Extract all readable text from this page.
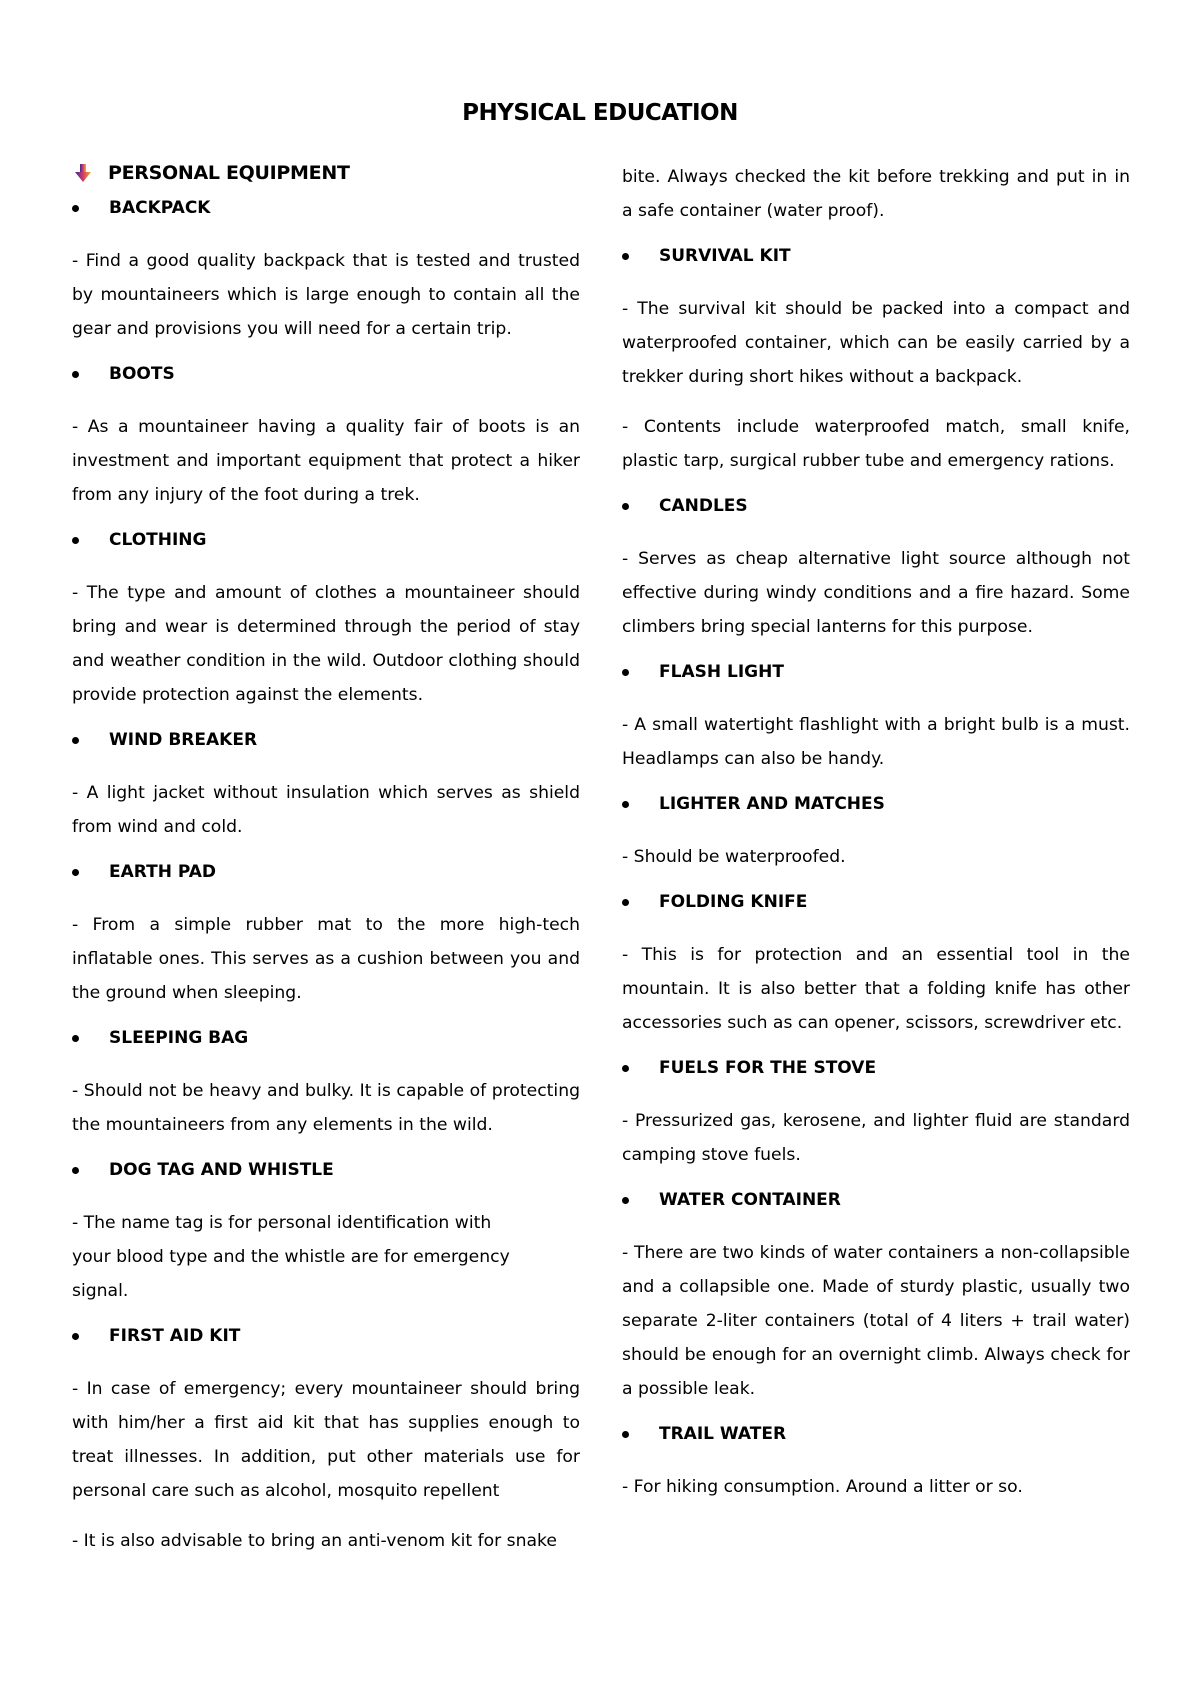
PHYSICAL EDUCATION
PERSONAL EQUIPMENT
BACKPACK
- Find a good quality backpack that is tested and trusted by mountaineers which is large enough to contain all the gear and provisions you will need for a certain trip.
BOOTS
- As a mountaineer having a quality fair of boots is an investment and important equipment that protect a hiker from any injury of the foot during a trek.
CLOTHING
- The type and amount of clothes a mountaineer should bring and wear is determined through the period of stay and weather condition in the wild. Outdoor clothing should provide protection against the elements.
WIND BREAKER
- A light jacket without insulation which serves as shield from wind and cold.
EARTH PAD
- From a simple rubber mat to the more high-tech inflatable ones. This serves as a cushion between you and the ground when sleeping.
SLEEPING BAG
- Should not be heavy and bulky. It is capable of protecting the mountaineers from any elements in the wild.
DOG TAG AND WHISTLE
- The name tag is for personal identification with your blood type and the whistle are for emergency signal.
FIRST AID KIT
- In case of emergency; every mountaineer should bring with him/her a first aid kit that has supplies enough to treat illnesses. In addition, put other materials use for personal care such as alcohol, mosquito repellent
- It is also advisable to bring an anti-venom kit for snake
bite. Always checked the kit before trekking and put in in a safe container (water proof).
SURVIVAL KIT
- The survival kit should be packed into a compact and waterproofed container, which can be easily carried by a trekker during short hikes without a backpack.
- Contents include waterproofed match, small knife, plastic tarp, surgical rubber tube and emergency rations.
CANDLES
- Serves as cheap alternative light source although not effective during windy conditions and a fire hazard. Some climbers bring special lanterns for this purpose.
FLASH LIGHT
- A small watertight flashlight with a bright bulb is a must. Headlamps can also be handy.
LIGHTER AND MATCHES
- Should be waterproofed.
FOLDING KNIFE
- This is for protection and an essential tool in the mountain. It is also better that a folding knife has other accessories such as can opener, scissors, screwdriver etc.
FUELS FOR THE STOVE
- Pressurized gas, kerosene, and lighter fluid are standard camping stove fuels.
WATER CONTAINER
- There are two kinds of water containers a non-collapsible and a collapsible one. Made of sturdy plastic, usually two separate 2-liter containers (total of 4 liters + trail water) should be enough for an overnight climb. Always check for a possible leak.
TRAIL WATER
- For hiking consumption. Around a litter or so.
